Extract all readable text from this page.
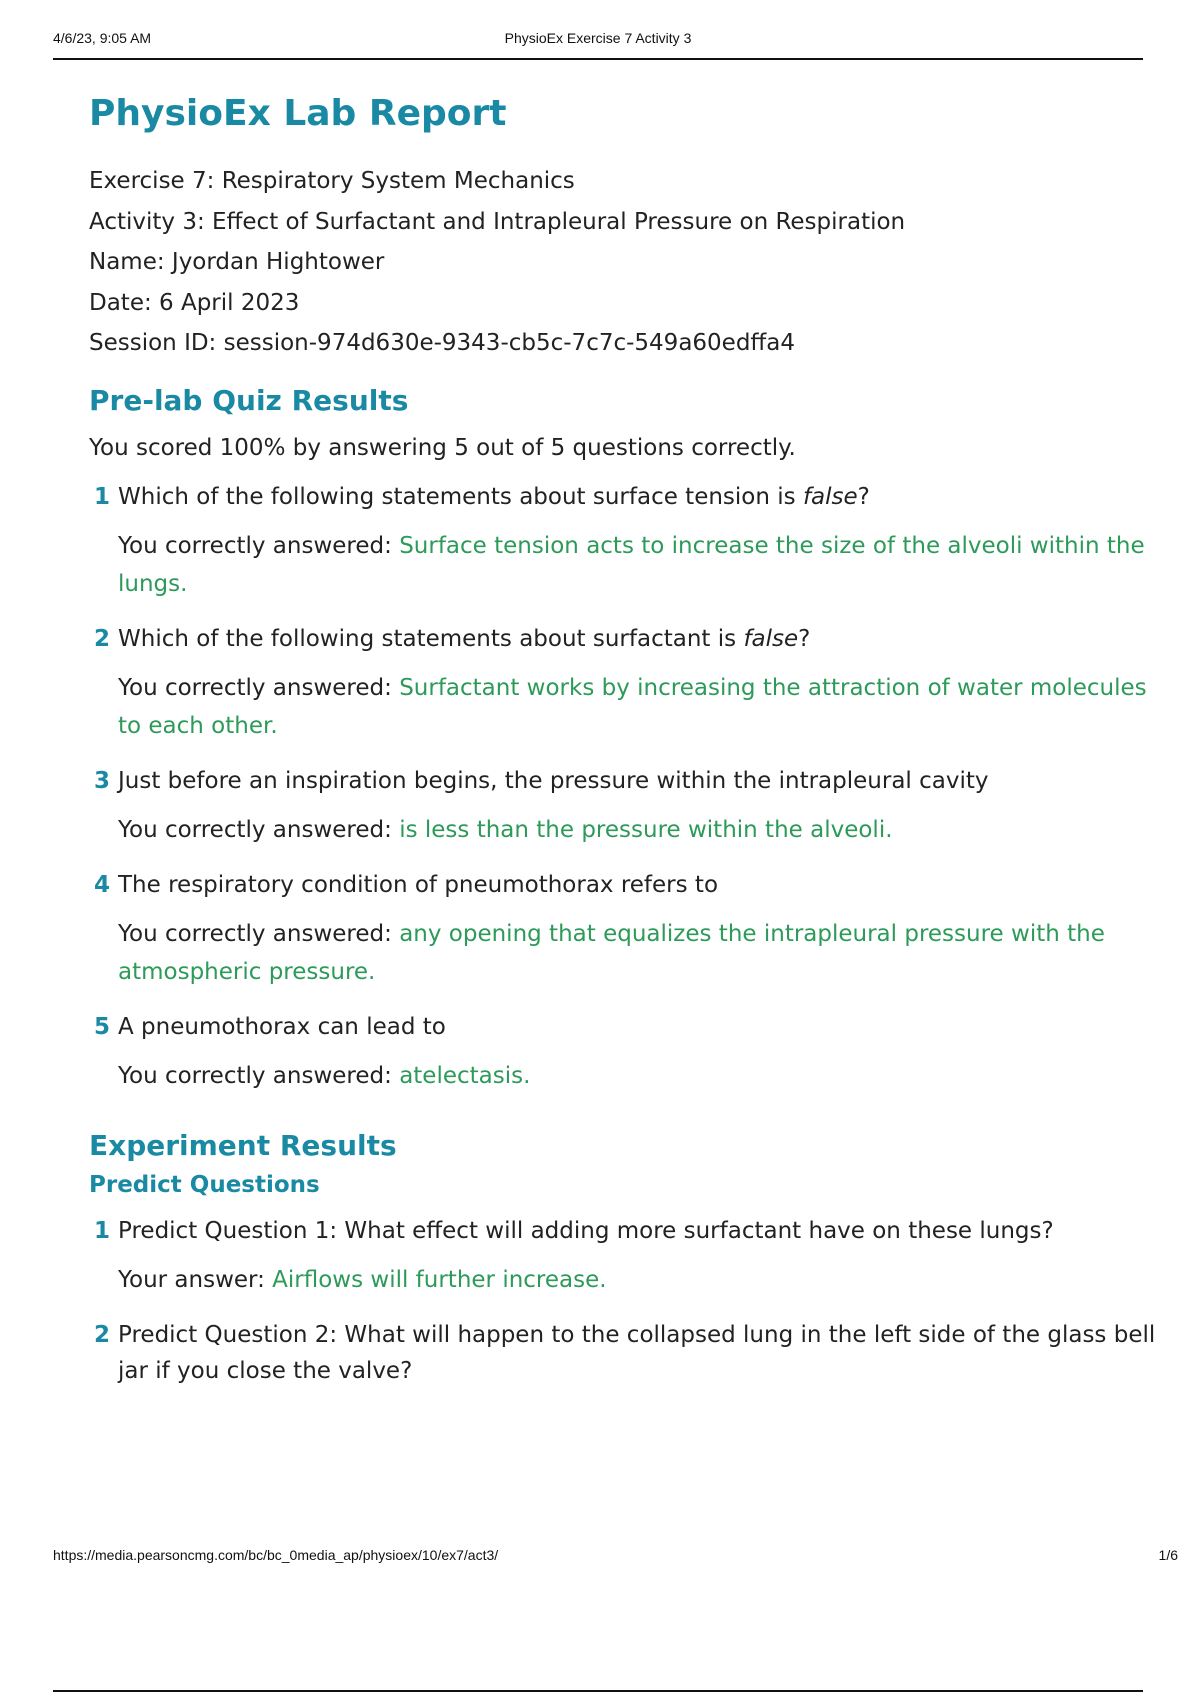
4/6/23, 9:05 AM	PhysioEx Exercise 7 Activity 3
PhysioEx Lab Report

Exercise 7: Respiratory System Mechanics

Activity 3: Effect of Surfactant and Intrapleural Pressure on Respiration

Name: Jyordan Hightower

Date: 6 April 2023

Session ID: session-974d630e-9343-cb5c-7c7c-549a60edffa4

Pre-lab Quiz Results

You scored 100% by answering 5 out of 5 questions correctly.

1 Which of the following statements about surface tension is false?

You correctly answered: Surface tension acts to increase the size of the alveoli within the lungs.

2 Which of the following statements about surfactant is false?

You correctly answered: Surfactant works by increasing the attraction of water molecules to each other.

3 Just before an inspiration begins, the pressure within the intrapleural cavity

You correctly answered: is less than the pressure within the alveoli.

4 The respiratory condition of pneumothorax refers to

You correctly answered: any opening that equalizes the intrapleural pressure with the atmospheric pressure.

5 A pneumothorax can lead to

You correctly answered: atelectasis.

Experiment Results
Predict Questions
1 Predict Question 1: What effect will adding more surfactant have on these lungs?

Your answer: Airflows will further increase.

2 Predict Question 2: What will happen to the collapsed lung in the left side of the glass bell jar if you close the valve?

https://media.pearsoncmg.com/bc/bc_0media_ap/physioex/10/ex7/act3/	1/6
